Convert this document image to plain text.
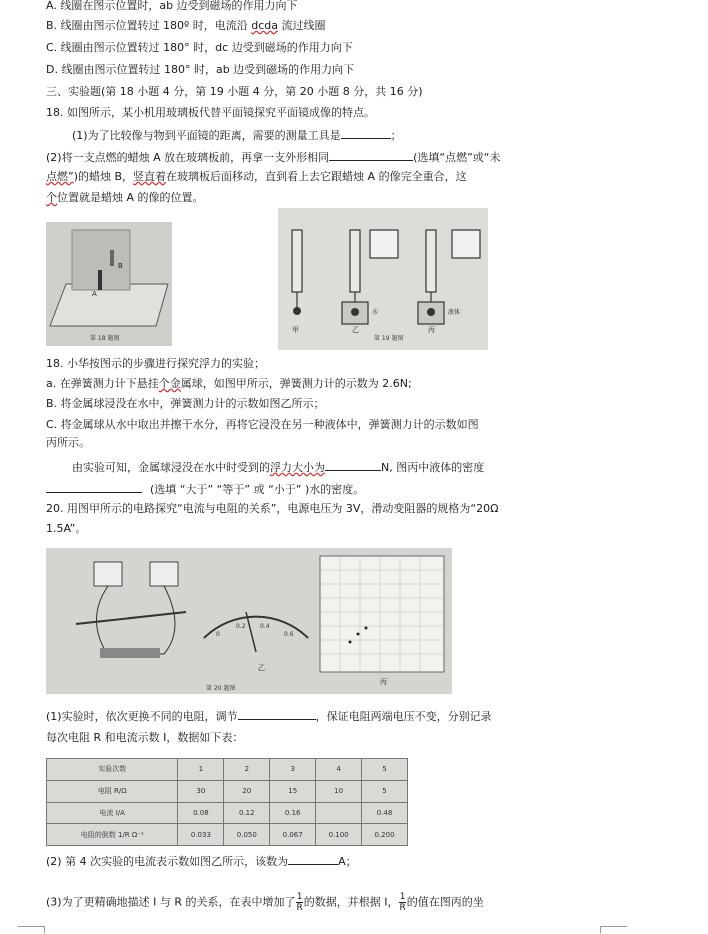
A. 线圈在图示位置时，ab 边受到磁场的作用力向下
B. 线圈由图示位置转过 180º 时，电流沿 dcda 流过线圈
C. 线圈由图示位置转过 180° 时，dc 边受到磁场的作用力向下
D. 线圈由图示位置转过 180° 时，ab 边受到磁场的作用力向下
三、实验题(第 18 小题 4 分，第 19 小题 4 分，第 20 小题 8 分，共 16 分)
18. 如图所示，某小机用玻璃板代替平面镜探究平面镜成像的特点。
(1)为了比较像与物到平面镜的距离，需要的测量工具是	；
(2)将一支点燃的蜡烛 A 放在玻璃板前，再拿一支外形相同	(选填“点燃”或“未
点燃”)的蜡烛 B，竖直着在玻璃板后面移动，直到看上去它跟蜡烛 A 的像完全重合，这
个位置就是蜡烛 A 的像的位置。
A
B
第 18 题图
甲	乙	丙
水	液体
第 19 题图
18. 小华按图示的步骤进行探究浮力的实验；
a. 在弹簧测力计下悬挂个金属球，如图甲所示，弹簧测力计的示数为 2.6N;
B. 将金属球浸没在水中，弹簧测力计的示数如图乙所示；
C. 将金属球从水中取出并擦干水分，再将它浸没在另一种液体中，弹簧测力计的示数如图
丙所示。
由实验可知，金属球浸没在水中时受到的浮力大小为	N, 图丙中液体的密度
(选填 “大于” “等于” 或 “小于” )水的密度。
20. 用图甲所示的电路探究“电流与电阻的关系”，电源电压为 3V，滑动变阻器的规格为“20Ω
1.5A”。
0
0.2 0.4
0.6
乙
丙
第 20 题图
(1)实验时，依次更换不同的电阻，调节	，保证电阻两端电压不变，分别记录
每次电阻 R 和电流示数 I，数据如下表：
实验次数	1	2	3	4	5
电阻 R/Ω	30	20	15	10	5
电流 I/A	0.08	0.12	0.16		0.48
电阻的倒数 1/R Ω⁻¹	0.033	0.050	0.067	0.100	0.200
(2) 第 4 次实验的电流表示数如图乙所示，该数为	A；
(3)为了更精确地描述 I 与 R 的关系，在表中增加了 $\frac{1}{R}$ 的数据，并根据 I， $\frac{1}{R}$ 的值在图丙的坐
